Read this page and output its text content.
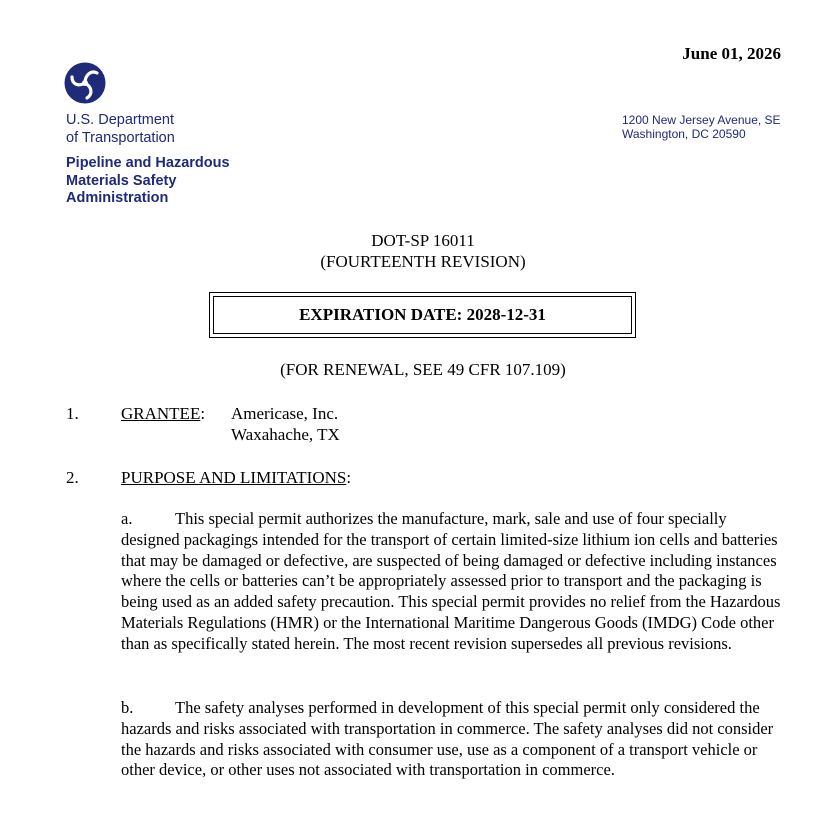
June 01, 2026
U.S. Department
of Transportation
Pipeline and Hazardous
Materials Safety
Administration
1200 New Jersey Avenue, SE
Washington, DC 20590
DOT-SP 16011
(FOURTEENTH REVISION)
EXPIRATION DATE: 2028-12-31
(FOR RENEWAL, SEE 49 CFR 107.109)
1. GRANTEE: Americase, Inc.
Waxahache, TX
2. PURPOSE AND LIMITATIONS:
a.	This special permit authorizes the manufacture, mark, sale and use of four specially designed packagings intended for the transport of certain limited-size lithium ion cells and batteries that may be damaged or defective, are suspected of being damaged or defective including instances where the cells or batteries can’t be appropriately assessed prior to transport and the packaging is being used as an added safety precaution. This special permit provides no relief from the Hazardous Materials Regulations (HMR) or the International Maritime Dangerous Goods (IMDG) Code other than as specifically stated herein. The most recent revision supersedes all previous revisions.
b.	The safety analyses performed in development of this special permit only considered the hazards and risks associated with transportation in commerce. The safety analyses did not consider the hazards and risks associated with consumer use, use as a component of a transport vehicle or other device, or other uses not associated with transportation in commerce.
